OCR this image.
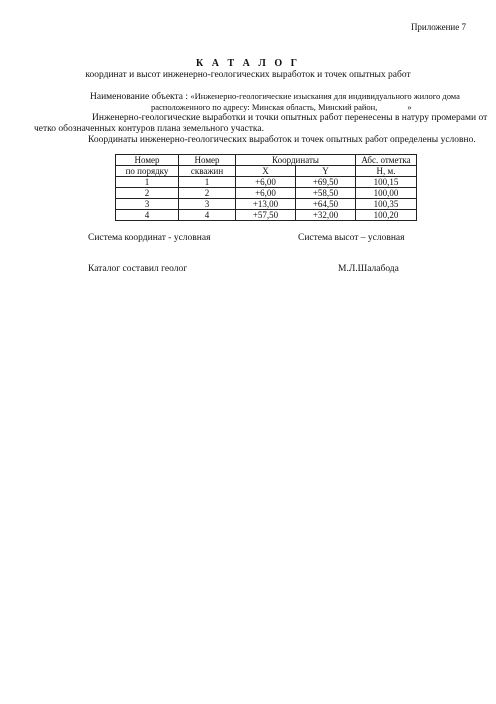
Приложение 7
К А Т А Л О Г
координат и высот инженерно-геологических выработок и точек опытных работ
Наименование объекта : «Инженерно-геологические изыскания для индивидуального жилого дома
расположенного по адресу: Минская область, Минский район,	»
Инженерно-геологические выработки и точки опытных работ перенесены в натуру промерами от
четко обозначенных контуров плана земельного участка.
Координаты инженерно-геологических выработок и точек опытных работ определены условно.
Номер	Номер	Координаты		Абс. отметка
по порядку	скважин	X	Y	Н, м.
1	1	+6,00	+69,50	100,15
2	2	+6,00	+58,50	100,00
3	3	+13,00	+64,50	100,35
4	4	+57,50	+32,00	100,20
Система координат - условная	Система высот – условная
Каталог составил геолог	М.Л.Шалабода
